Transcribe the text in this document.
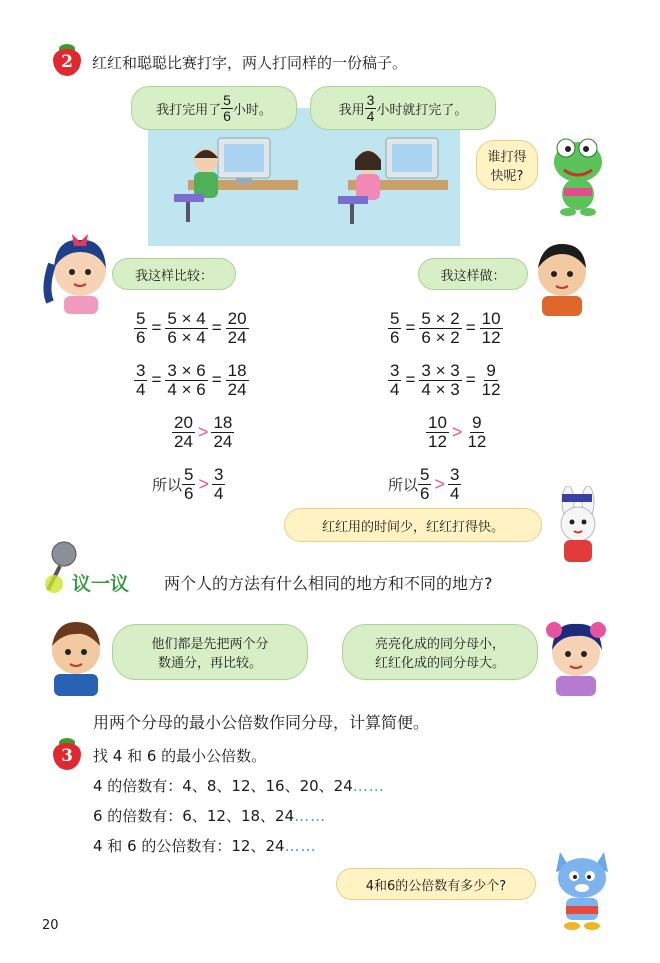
2	红红和聪聪比赛打字，两人打同样的一份稿子。
我打完用了 $\frac{5}{6}$ 小时。	我用 $\frac{3}{4}$ 小时就打完了。
谁打得
快呢?
我这样比较：	我这样做：
$\frac{5}{6} = \frac{5 \times 4}{6 \times 4} = \frac{20}{24}$
$\frac{3}{4} = \frac{3 \times 6}{4 \times 6} = \frac{18}{24}$
$\frac{20}{24} > \frac{18}{24}$
所以 $\frac{5}{6} > \frac{3}{4}$
$\frac{5}{6} = \frac{5 \times 2}{6 \times 2} = \frac{10}{12}$
$\frac{3}{4} = \frac{3 \times 3}{4 \times 3} = \frac{9}{12}$
$\frac{10}{12} > \frac{9}{12}$
所以 $\frac{5}{6} > \frac{3}{4}$
红红用的时间少，红红打得快。
议一议 两个人的方法有什么相同的地方和不同的地方?
他们都是先把两个分
数通分，再比较。
亮亮化成的同分母小，
红红化成的同分母大。
用两个分母的最小公倍数作同分母，计算简便。
3	找 4 和 6 的最小公倍数。
4 的倍数有：4、8、12、16、20、24……
6 的倍数有：6、12、18、24……
4 和 6 的公倍数有：12、24……
4和6的公倍数有多少个?
20
